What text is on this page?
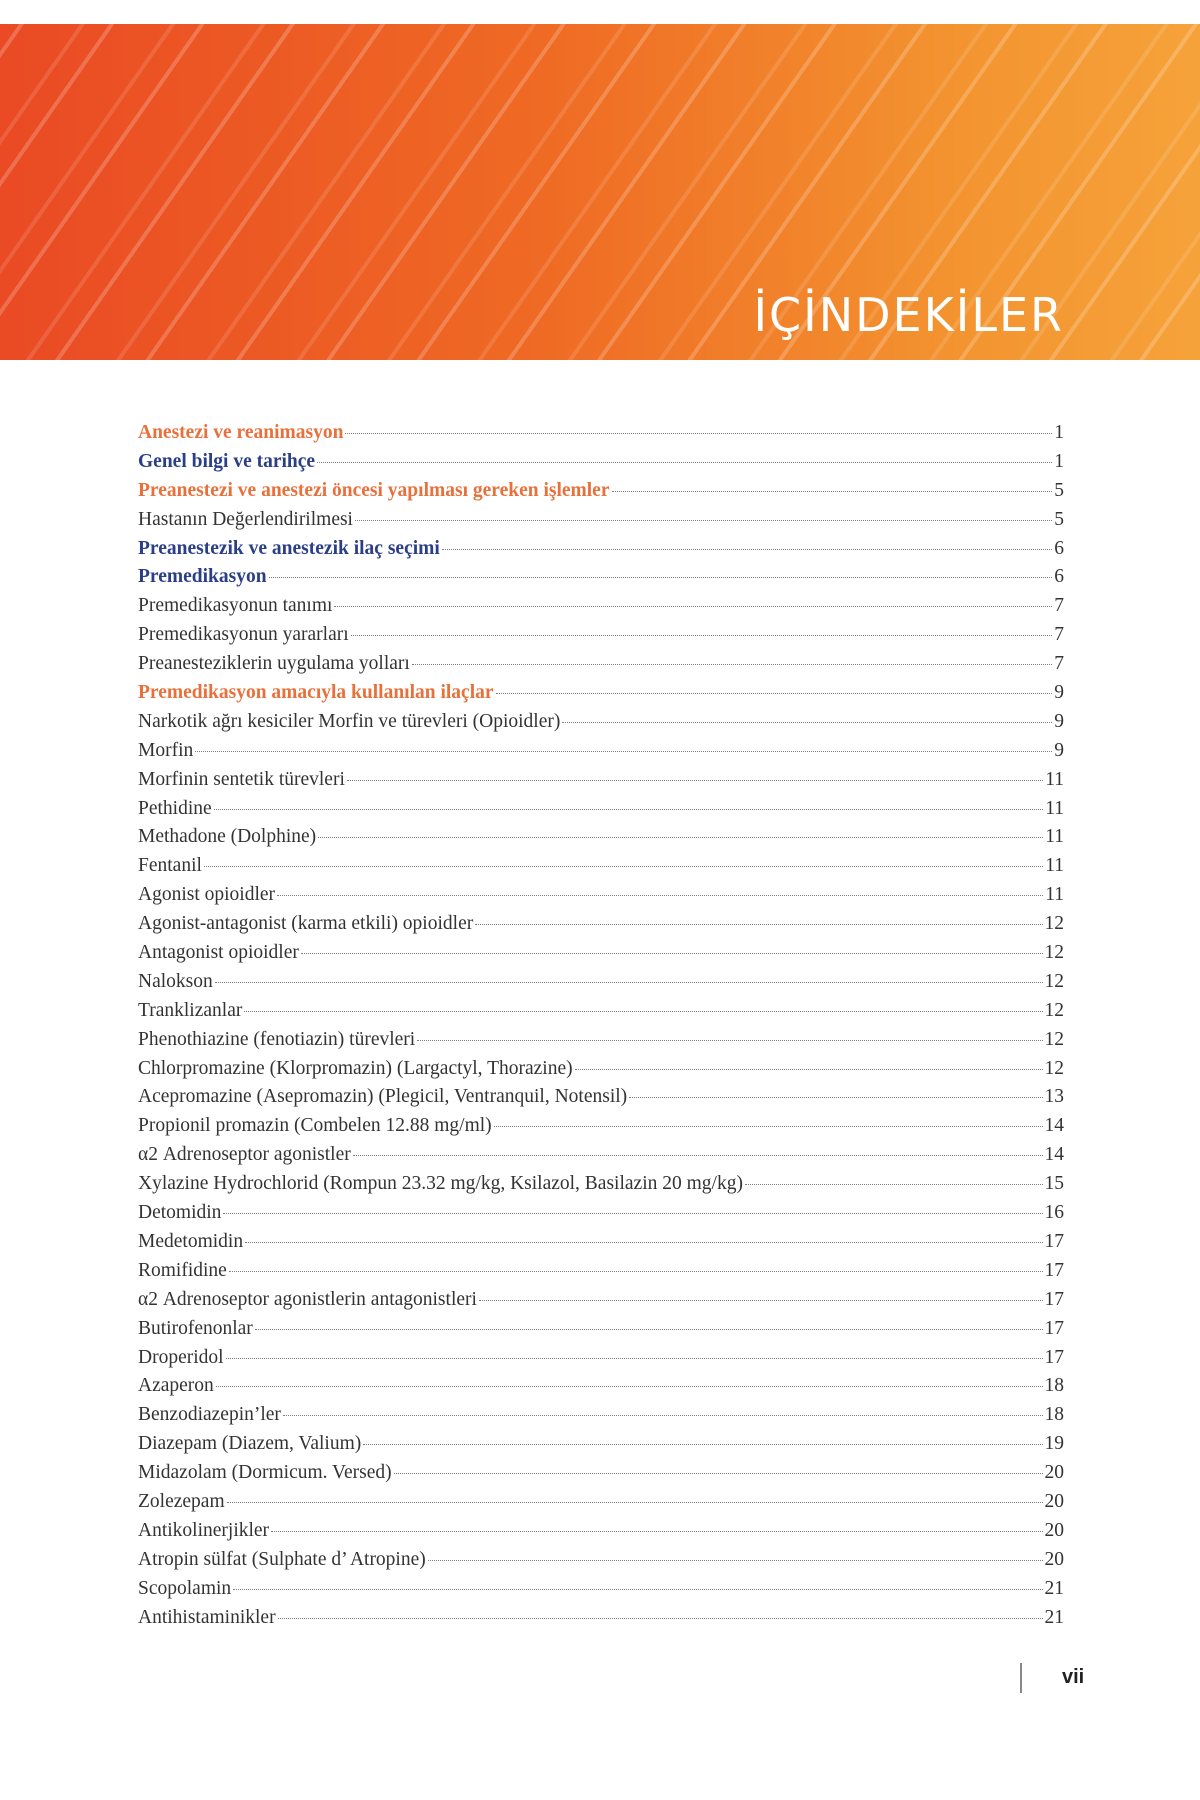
İÇİNDEKİLER
Anestezi ve reanimasyon	1
Genel bilgi ve tarihçe	1
Preanestezi ve anestezi öncesi yapılması gereken işlemler	5
Hastanın Değerlendirilmesi	5
Preanestezik ve anestezik ilaç seçimi	6
Premedikasyon	6
Premedikasyonun tanımı	7
Premedikasyonun yararları	7
Preanesteziklerin uygulama yolları	7
Premedikasyon amacıyla kullanılan ilaçlar	9
Narkotik ağrı kesiciler Morfin ve türevleri (Opioidler)	9
Morfin	9
Morfinin sentetik türevleri	11
Pethidine	11
Methadone (Dolphine)	11
Fentanil	11
Agonist opioidler	11
Agonist-antagonist (karma etkili) opioidler	12
Antagonist opioidler	12
Nalokson	12
Tranklizanlar	12
Phenothiazine (fenotiazin) türevleri	12
Chlorpromazine (Klorpromazin) (Largactyl, Thorazine)	12
Acepromazine (Asepromazin) (Plegicil, Ventranquil, Notensil)	13
Propionil promazin (Combelen 12.88 mg/ml)	14
α2 Adrenoseptor agonistler	14
Xylazine Hydrochlorid (Rompun 23.32 mg/kg, Ksilazol, Basilazin 20 mg/kg)	15
Detomidin	16
Medetomidin	17
Romifidine	17
α2 Adrenoseptor agonistlerin antagonistleri	17
Butirofenonlar	17
Droperidol	17
Azaperon	18
Benzodiazepin’ler	18
Diazepam (Diazem, Valium)	19
Midazolam (Dormicum. Versed)	20
Zolezepam	20
Antikolinerjikler	20
Atropin sülfat (Sulphate d’ Atropine)	20
Scopolamin	21
Antihistaminikler	21
vii
